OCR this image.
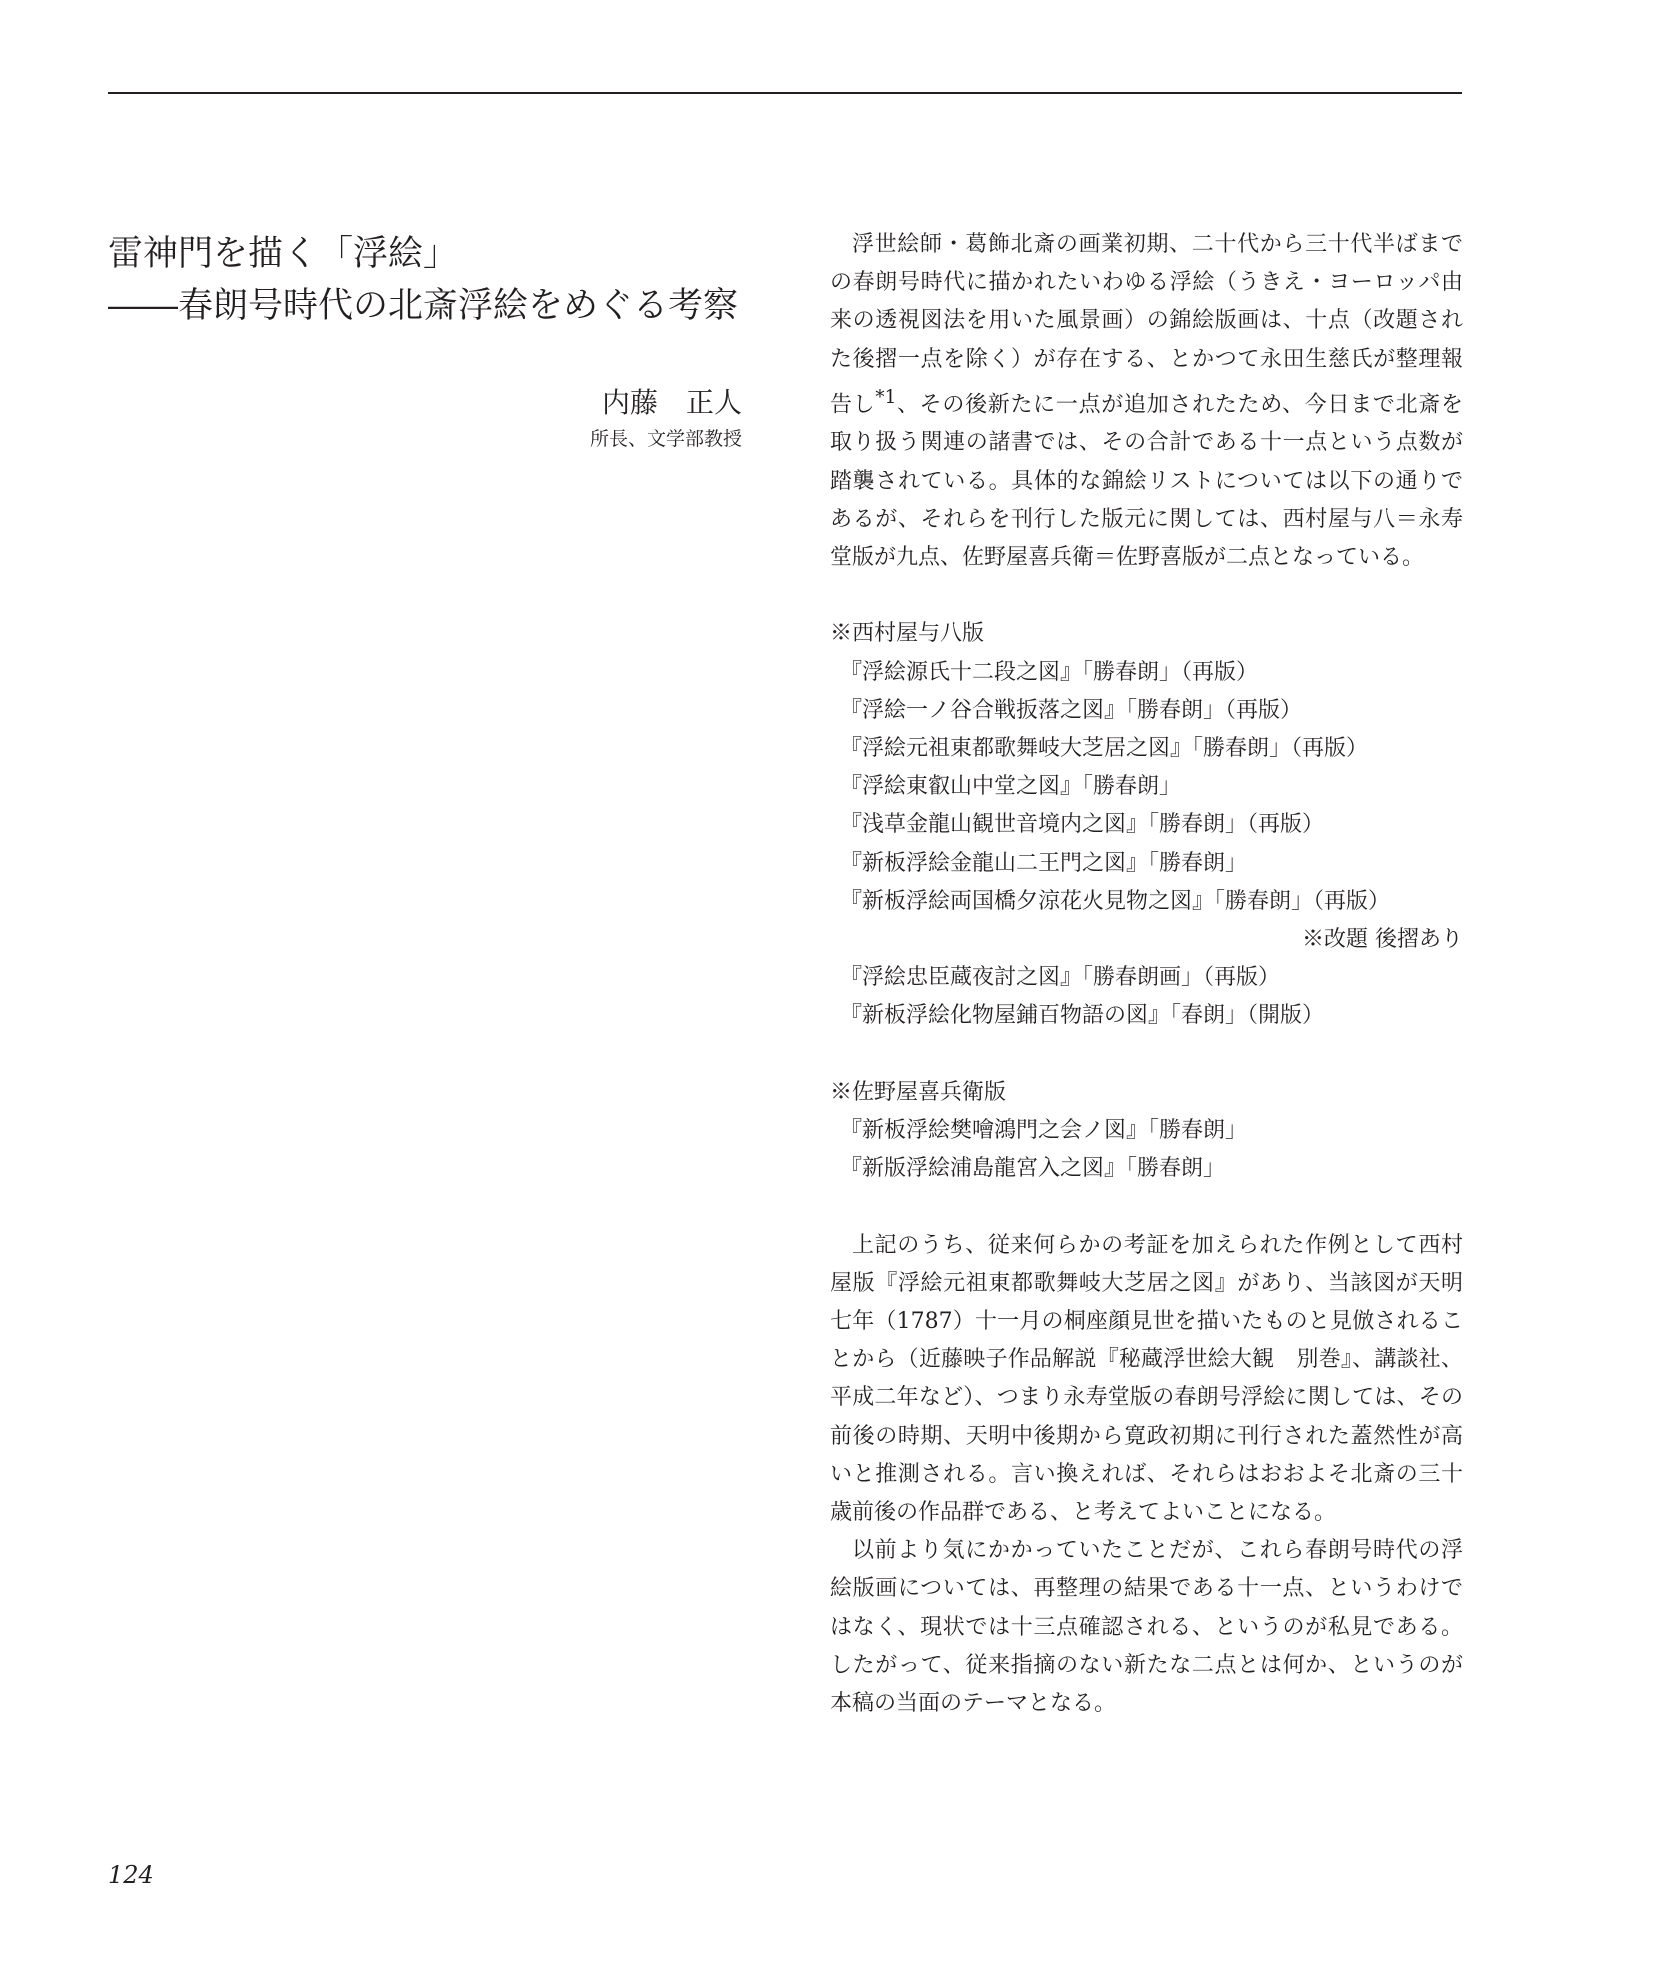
雷神門を描く「浮絵」
――春朗号時代の北斎浮絵をめぐる考察
内藤 正人
所長、文学部教授

浮世絵師・葛飾北斎の画業初期、二十代から三十代半ばまでの春朗号時代に描かれたいわゆる浮絵（うきえ・ヨーロッパ由来の透視図法を用いた風景画）の錦絵版画は、十点（改題された後摺一点を除く）が存在する、とかつて永田生慈氏が整理報告し$^{*1}$、その後新たに一点が追加されたため、今日まで北斎を取り扱う関連の諸書では、その合計である十一点という点数が踏襲されている。具体的な錦絵リストについては以下の通りであるが、それらを刊行した版元に関しては、西村屋与八＝永寿堂版が九点、佐野屋喜兵衛＝佐野喜版が二点となっている。

※西村屋与八版

『浮絵源氏十二段之図』「勝春朗」（再版）

『浮絵一ノ谷合戦扳落之図』「勝春朗」（再版）

『浮絵元祖東都歌舞岐大芝居之図』「勝春朗」（再版）

『浮絵東叡山中堂之図』「勝春朗」

『浅草金龍山観世音境内之図』「勝春朗」（再版）

『新板浮絵金龍山二王門之図』「勝春朗」

『新板浮絵両国橋夕涼花火見物之図』「勝春朗」（再版）

※改題 後摺あり

『浮絵忠臣蔵夜討之図』「勝春朗画」（再版）

『新板浮絵化物屋鋪百物語の図』「春朗」（開版）

※佐野屋喜兵衛版

『新板浮絵樊噲鴻門之会ノ図』「勝春朗」

『新版浮絵浦島龍宮入之図』「勝春朗」

上記のうち、従来何らかの考証を加えられた作例として西村屋版『浮絵元祖東都歌舞岐大芝居之図』があり、当該図が天明七年（1787）十一月の桐座顔見世を描いたものと見倣されることから（近藤映子作品解説『秘蔵浮世絵大観　別巻』、講談社、平成二年など）、つまり永寿堂版の春朗号浮絵に関しては、その前後の時期、天明中後期から寛政初期に刊行された蓋然性が高いと推測される。言い換えれば、それらはおおよそ北斎の三十歳前後の作品群である、と考えてよいことになる。

以前より気にかかっていたことだが、これら春朗号時代の浮絵版画については、再整理の結果である十一点、というわけではなく、現状では十三点確認される、というのが私見である。したがって、従来指摘のない新たな二点とは何か、というのが本稿の当面のテーマとなる。

124
